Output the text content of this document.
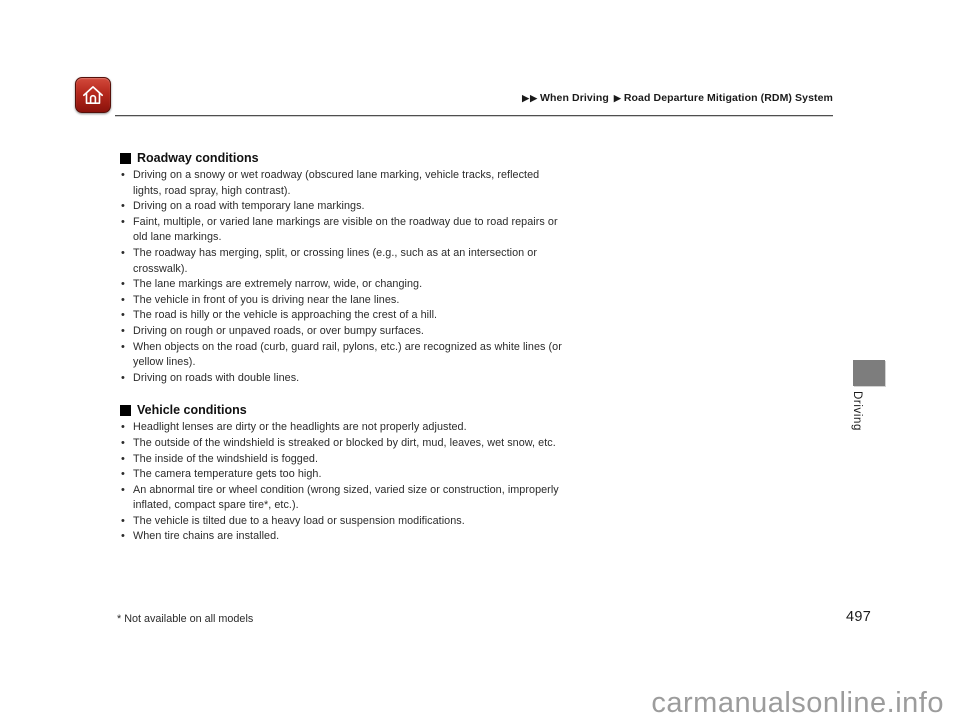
▶▶ When Driving ▶ Road Departure Mitigation (RDM) System
Roadway conditions
• Driving on a snowy or wet roadway (obscured lane marking, vehicle tracks, reflected lights, road spray, high contrast).
• Driving on a road with temporary lane markings.
• Faint, multiple, or varied lane markings are visible on the roadway due to road repairs or old lane markings.
• The roadway has merging, split, or crossing lines (e.g., such as at an intersection or crosswalk).
• The lane markings are extremely narrow, wide, or changing.
• The vehicle in front of you is driving near the lane lines.
• The road is hilly or the vehicle is approaching the crest of a hill.
• Driving on rough or unpaved roads, or over bumpy surfaces.
• When objects on the road (curb, guard rail, pylons, etc.) are recognized as white lines (or yellow lines).
• Driving on roads with double lines.
Vehicle conditions
• Headlight lenses are dirty or the headlights are not properly adjusted.
• The outside of the windshield is streaked or blocked by dirt, mud, leaves, wet snow, etc.
• The inside of the windshield is fogged.
• The camera temperature gets too high.
• An abnormal tire or wheel condition (wrong sized, varied size or construction, improperly inflated, compact spare tire*, etc.).
• The vehicle is tilted due to a heavy load or suspension modifications.
• When tire chains are installed.
Driving
* Not available on all models	497
carmanualsonline.info
